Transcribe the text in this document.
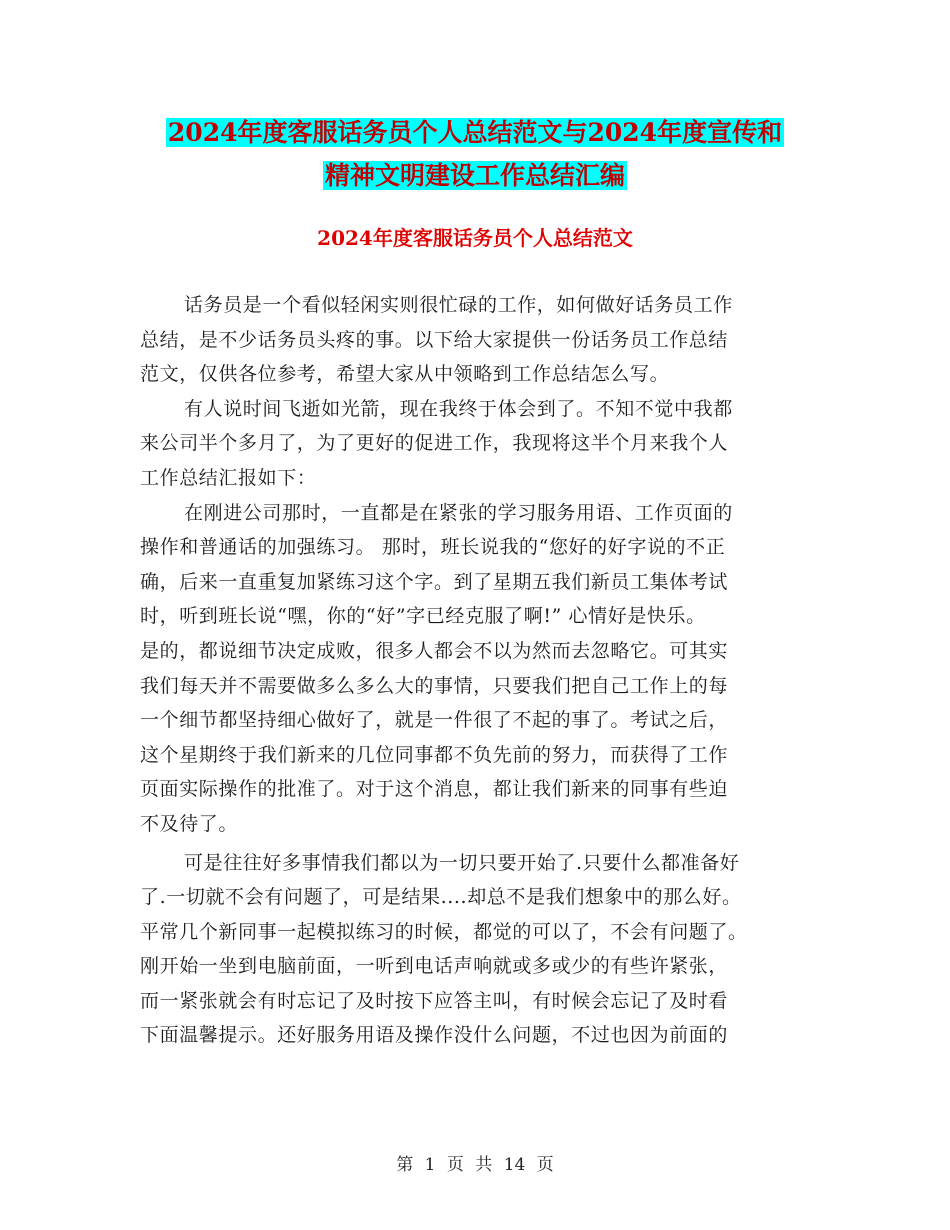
2024年度客服话务员个人总结范文与2024年度宣传和
精神文明建设工作总结汇编
2024年度客服话务员个人总结范文
话务员是一个看似轻闲实则很忙碌的工作，如何做好话务员工作
总结，是不少话务员头疼的事。以下给大家提供一份话务员工作总结
范文，仅供各位参考，希望大家从中领略到工作总结怎么写。
有人说时间飞逝如光箭，现在我终于体会到了。不知不觉中我都
来公司半个多月了，为了更好的促进工作，我现将这半个月来我个人
工作总结汇报如下：
在刚进公司那时，一直都是在紧张的学习服务用语、工作页面的
操作和普通话的加强练习。 那时，班长说我的“您好的好字说的不正
确，后来一直重复加紧练习这个字。到了星期五我们新员工集体考试
时，听到班长说“嘿，你的“好”字已经克服了啊!” 心情好是快乐。
是的，都说细节决定成败，很多人都会不以为然而去忽略它。可其实
我们每天并不需要做多么多么大的事情，只要我们把自己工作上的每
一个细节都坚持细心做好了，就是一件很了不起的事了。考试之后，
这个星期终于我们新来的几位同事都不负先前的努力，而获得了工作
页面实际操作的批准了。对于这个消息，都让我们新来的同事有些迫
不及待了。
可是往往好多事情我们都以为一切只要开始了.只要什么都准备好
了.一切就不会有问题了，可是结果....却总不是我们想象中的那么好。
平常几个新同事一起模拟练习的时候，都觉的可以了，不会有问题了。
刚开始一坐到电脑前面，一听到电话声响就或多或少的有些许紧张，
而一紧张就会有时忘记了及时按下应答主叫，有时候会忘记了及时看
下面温馨提示。还好服务用语及操作没什么问题，不过也因为前面的
第 1 页 共 14 页
